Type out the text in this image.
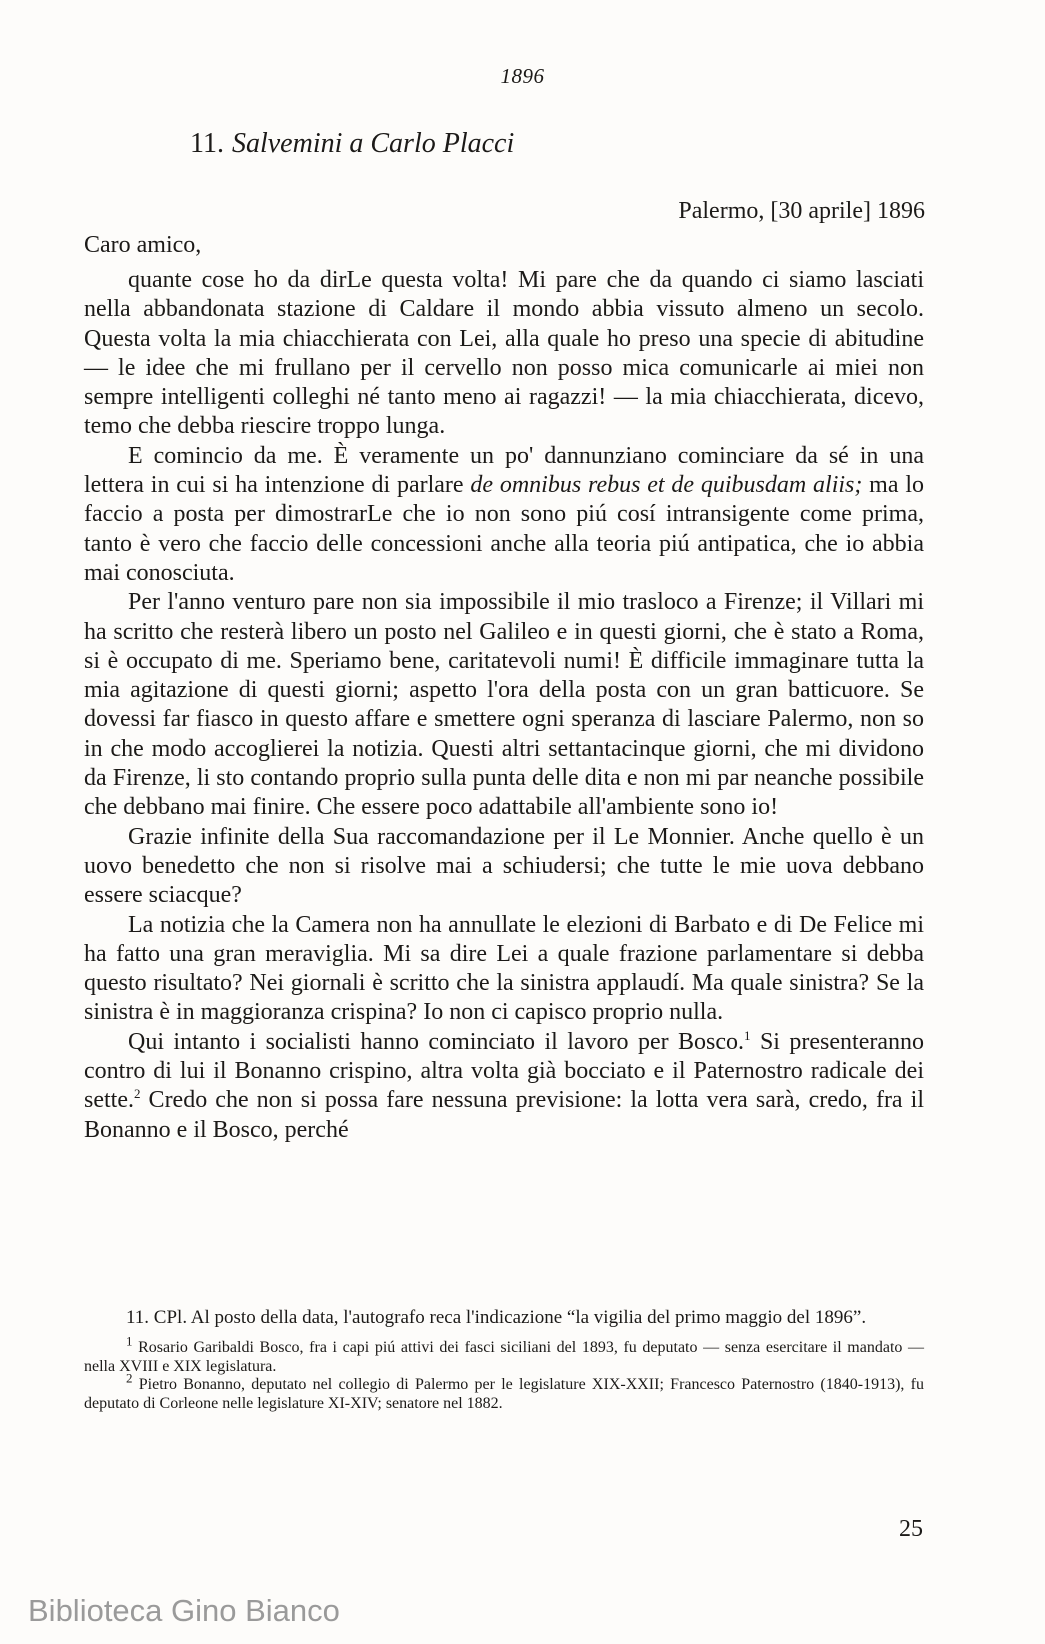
1896
11. Salvemini a Carlo Placci
Palermo, [30 aprile] 1896
Caro amico,

quante cose ho da dirLe questa volta! Mi pare che da quando ci siamo lasciati nella abbandonata stazione di Caldare il mondo abbia vissuto almeno un secolo. Questa volta la mia chiacchierata con Lei, alla quale ho preso una specie di abitudine — le idee che mi frullano per il cervello non posso mica comunicarle ai miei non sempre intelligenti colleghi né tanto meno ai ragazzi! — la mia chiacchierata, dicevo, temo che debba riescire troppo lunga.

E comincio da me. È veramente un po' dannunziano cominciare da sé in una lettera in cui si ha intenzione di parlare de omnibus rebus et de quibusdam aliis; ma lo faccio a posta per dimostrarLe che io non sono piú cosí intransigente come prima, tanto è vero che faccio delle concessioni anche alla teoria piú antipatica, che io abbia mai conosciuta.

Per l'anno venturo pare non sia impossibile il mio trasloco a Firenze; il Villari mi ha scritto che resterà libero un posto nel Galileo e in questi giorni, che è stato a Roma, si è occupato di me. Speriamo bene, caritatevoli numi! È difficile immaginare tutta la mia agitazione di questi giorni; aspetto l'ora della posta con un gran batticuore. Se dovessi far fiasco in questo affare e smettere ogni speranza di lasciare Palermo, non so in che modo accoglierei la notizia. Questi altri settantacinque giorni, che mi dividono da Firenze, li sto contando proprio sulla punta delle dita e non mi par neanche possibile che debbano mai finire. Che essere poco adattabile all'ambiente sono io!

Grazie infinite della Sua raccomandazione per il Le Monnier. Anche quello è un uovo benedetto che non si risolve mai a schiudersi; che tutte le mie uova debbano essere sciacque?

La notizia che la Camera non ha annullate le elezioni di Barbato e di De Felice mi ha fatto una gran meraviglia. Mi sa dire Lei a quale frazione parlamentare si debba questo risultato? Nei giornali è scritto che la sinistra applaudí. Ma quale sinistra? Se la sinistra è in maggioranza crispina? Io non ci capisco proprio nulla.

Qui intanto i socialisti hanno cominciato il lavoro per Bosco.$^1$ Si presenteranno contro di lui il Bonanno crispino, altra volta già bocciato e il Paternostro radicale dei sette.$^2$ Credo che non si possa fare nessuna previsione: la lotta vera sarà, credo, fra il Bonanno e il Bosco, perché

11. CPl. Al posto della data, l'autografo reca l'indicazione “la vigilia del primo maggio del 1896”.

$^1$ Rosario Garibaldi Bosco, fra i capi piú attivi dei fasci siciliani del 1893, fu deputato — senza esercitare il mandato — nella XVIII e XIX legislatura.

$^2$ Pietro Bonanno, deputato nel collegio di Palermo per le legislature XIX-XXII; Francesco Paternostro (1840-1913), fu deputato di Corleone nelle legislature XI-XIV; senatore nel 1882.

25
Biblioteca Gino Bianco
